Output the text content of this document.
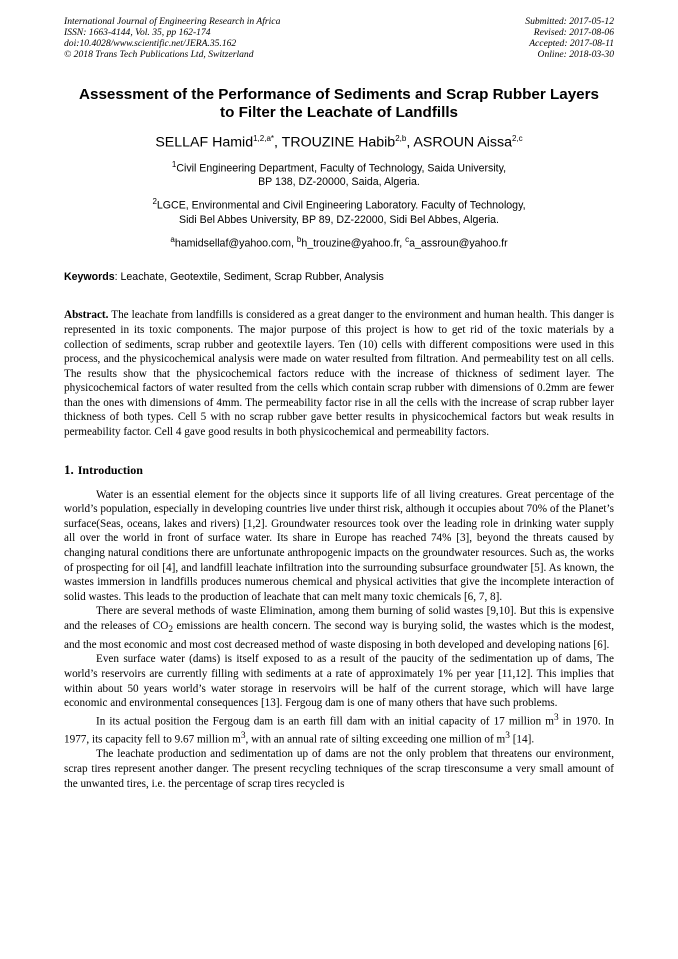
International Journal of Engineering Research in Africa
ISSN: 1663-4144, Vol. 35, pp 162-174
doi:10.4028/www.scientific.net/JERA.35.162
© 2018 Trans Tech Publications Ltd, Switzerland
Submitted: 2017-05-12
Revised: 2017-08-06
Accepted: 2017-08-11
Online: 2018-03-30
Assessment of the Performance of Sediments and Scrap Rubber Layers to Filter the Leachate of Landfills
SELLAF Hamid$^{1,2,a*}$, TROUZINE Habib$^{2,b}$, ASROUN Aissa$^{2,c}$
$^1$Civil Engineering Department, Faculty of Technology, Saida University,
BP 138, DZ-20000, Saida, Algeria.
$^2$LGCE, Environmental and Civil Engineering Laboratory. Faculty of Technology,
Sidi Bel Abbes University, BP 89, DZ-22000, Sidi Bel Abbes, Algeria.
$^a$hamidsellaf@yahoo.com, $^b$h_trouzine@yahoo.fr, $^c$a_assroun@yahoo.fr
Keywords: Leachate, Geotextile, Sediment, Scrap Rubber, Analysis
Abstract. The leachate from landfills is considered as a great danger to the environment and human health. This danger is represented in its toxic components. The major purpose of this project is how to get rid of the toxic materials by a collection of sediments, scrap rubber and geotextile layers. Ten (10) cells with different compositions were used in this process, and the physicochemical analysis were made on water resulted from filtration. And permeability test on all cells. The results show that the physicochemical factors reduce with the increase of thickness of sediment layer. The physicochemical factors of water resulted from the cells which contain scrap rubber with dimensions of 0.2mm are fewer than the ones with dimensions of 4mm. The permeability factor rise in all the cells with the increase of scrap rubber layer thickness of both types. Cell 5 with no scrap rubber gave better results in physicochemical factors but weak results in permeability factor. Cell 4 gave good results in both physicochemical and permeability factors.
1. Introduction

Water is an essential element for the objects since it supports life of all living creatures. Great percentage of the world’s population, especially in developing countries live under thirst risk, although it occupies about 70% of the Planet’s surface(Seas, oceans, lakes and rivers) [1,2]. Groundwater resources took over the leading role in drinking water supply all over the world in front of surface water. Its share in Europe has reached 74% [3], beyond the threats caused by changing natural conditions there are unfortunate anthropogenic impacts on the groundwater resources. Such as, the works of prospecting for oil [4], and landfill leachate infiltration into the surrounding subsurface groundwater [5]. As known, the wastes immersion in landfills produces numerous chemical and physical activities that give the incomplete interaction of solid wastes. This leads to the production of leachate that can melt many toxic chemicals [6, 7, 8].

There are several methods of waste Elimination, among them burning of solid wastes [9,10]. But this is expensive and the releases of $CO_2$ emissions are health concern. The second way is burying solid, the wastes which is the modest, and the most economic and most cost decreased method of waste disposing in both developed and developing nations [6].

Even surface water (dams) is itself exposed to as a result of the paucity of the sedimentation up of dams, The world’s reservoirs are currently filling with sediments at a rate of approximately 1% per year [11,12]. This implies that within about 50 years world’s water storage in reservoirs will be half of the current storage, which will have large economic and environmental consequences [13]. Fergoug dam is one of many others that have such problems.

In its actual position the Fergoug dam is an earth fill dam with an initial capacity of 17 million $m^3$ in 1970. In 1977, its capacity fell to 9.67 million $m^3$, with an annual rate of silting exceeding one million of $m^3$ [14].

The leachate production and sedimentation up of dams are not the only problem that threatens our environment, scrap tires represent another danger. The present recycling techniques of the scrap tiresconsume a very small amount of the unwanted tires, i.e. the percentage of scrap tires recycled is
